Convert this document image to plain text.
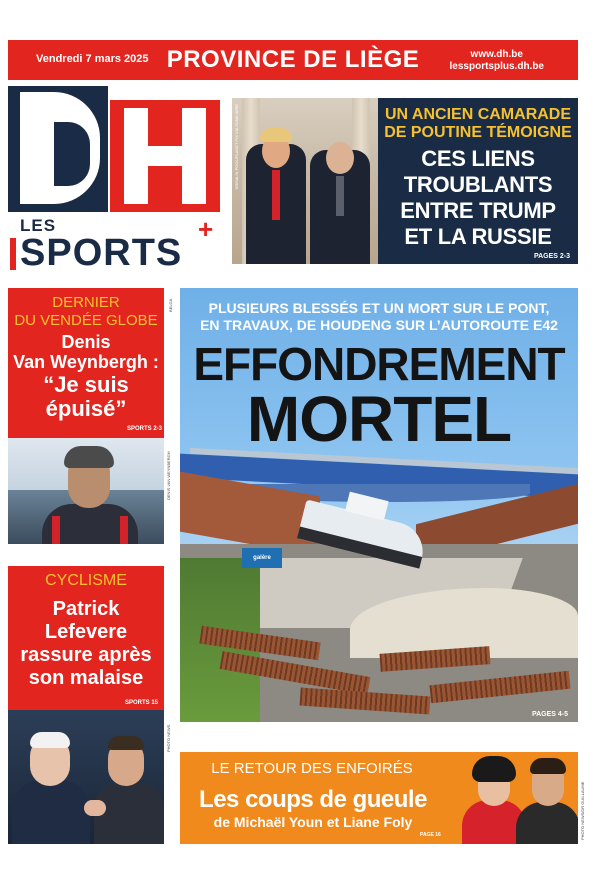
Vendredi 7 mars 2025 PROVINCE DE LIÈGE	www.dh.be
lessportsplus.dh.be
LES
SPORTS
+
KREMLIN POOL/PLANET PIX VIA ZUMA WIRE	UN ANCIEN CAMARADE
DE POUTINE TÉMOIGNE
CES LIENS
TROUBLANTS
ENTRE TRUMP
ET LA RUSSIE
PAGES 2-3
DERNIER
DU VENDÉE GLOBE
Denis
Van Weynbergh :
“Je suis
épuisé”
SPORTS 2-3
DENIS VAN WEYNBERGH
CYCLISME
Patrick
Lefevere
rassure après
son malaise
SPORTS 15
PHOTO NEWS
galère
PLUSIEURS BLESSÉS ET UN MORT SUR LE PONT,
EN TRAVAUX, DE HOUDENG SUR L’AUTOROUTE E42
EFFONDREMENT
MORTEL
PAGES 4-5
LE RETOUR DES ENFOIRÉS
Les coups de gueule
de Michaël Youn et Liane Foly
PAGE 16	PHOTO NEWS/DR GUILLAUME
BELGA
